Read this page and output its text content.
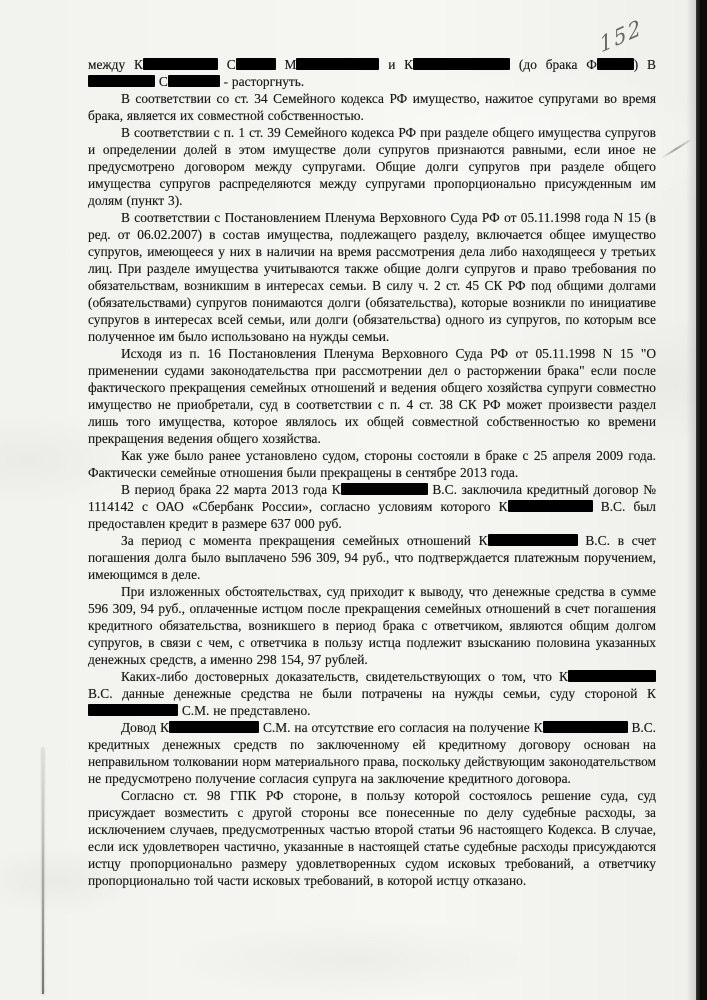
152

между К	С	М	и К	(до брака Ф	) В С	- расторгнуть.

В соответствии со ст. 34 Семейного кодекса РФ имущество, нажитое супругами во время брака, является их совместной собственностью.

В соответствии с п. 1 ст. 39 Семейного кодекса РФ при разделе общего имущества супругов и определении долей в этом имуществе доли супругов признаются равными, если иное не предусмотрено договором между супругами. Общие долги супругов при разделе общего имущества супругов распределяются между супругами пропорционально присужденным им долям (пункт 3).

В соответствии с Постановлением Пленума Верховного Суда РФ от 05.11.1998 года N 15 (в ред. от 06.02.2007) в состав имущества, подлежащего разделу, включается общее имущество супругов, имеющееся у них в наличии на время рассмотрения дела либо находящееся у третьих лиц. При разделе имущества учитываются также общие долги супругов и право требования по обязательствам, возникшим в интересах семьи. В силу ч. 2 ст. 45 СК РФ под общими долгами (обязательствами) супругов понимаются долги (обязательства), которые возникли по инициативе супругов в интересах всей семьи, или долги (обязательства) одного из супругов, по которым все полученное им было использовано на нужды семьи.

Исходя из п. 16 Постановления Пленума Верховного Суда РФ от 05.11.1998 N 15 "О применении судами законодательства при рассмотрении дел о расторжении брака" если после фактического прекращения семейных отношений и ведения общего хозяйства супруги совместно имущество не приобретали, суд в соответствии с п. 4 ст. 38 СК РФ может произвести раздел лишь того имущества, которое являлось их общей совместной собственностью ко времени прекращения ведения общего хозяйства.

Как уже было ранее установлено судом, стороны состояли в браке с 25 апреля 2009 года. Фактически семейные отношения были прекращены в сентябре 2013 года.

В период брака 22 марта 2013 года К	В.С. заключила кредитный договор № 1114142 с ОАО «Сбербанк России», согласно условиям которого К	В.С. был предоставлен кредит в размере 637 000 руб.

За период с момента прекращения семейных отношений К	В.С. в счет погашения долга было выплачено 596 309, 94 руб., что подтверждается платежным поручением, имеющимся в деле.

При изложенных обстоятельствах, суд приходит к выводу, что денежные средства в сумме 596 309, 94 руб., оплаченные истцом после прекращения семейных отношений в счет погашения кредитного обязательства, возникшего в период брака с ответчиком, являются общим долгом супругов, в связи с чем, с ответчика в пользу истца подлежит взысканию половина указанных денежных средств, а именно 298 154, 97 рублей.

Каких-либо достоверных доказательств, свидетельствующих о том, что К В.С. данные денежные средства не были потрачены на нужды семьи, суду стороной К С.М. не представлено.

Довод К	С.М. на отсутствие его согласия на получение К	В.С. кредитных денежных средств по заключенному ей кредитному договору основан на неправильном толковании норм материального права, поскольку действующим законодательством не предусмотрено получение согласия супруга на заключение кредитного договора.

Согласно ст. 98 ГПК РФ стороне, в пользу которой состоялось решение суда, суд присуждает возместить с другой стороны все понесенные по делу судебные расходы, за исключением случаев, предусмотренных частью второй статьи 96 настоящего Кодекса. В случае, если иск удовлетворен частично, указанные в настоящей статье судебные расходы присуждаются истцу пропорционально размеру удовлетворенных судом исковых требований, а ответчику пропорционально той части исковых требований, в которой истцу отказано.
